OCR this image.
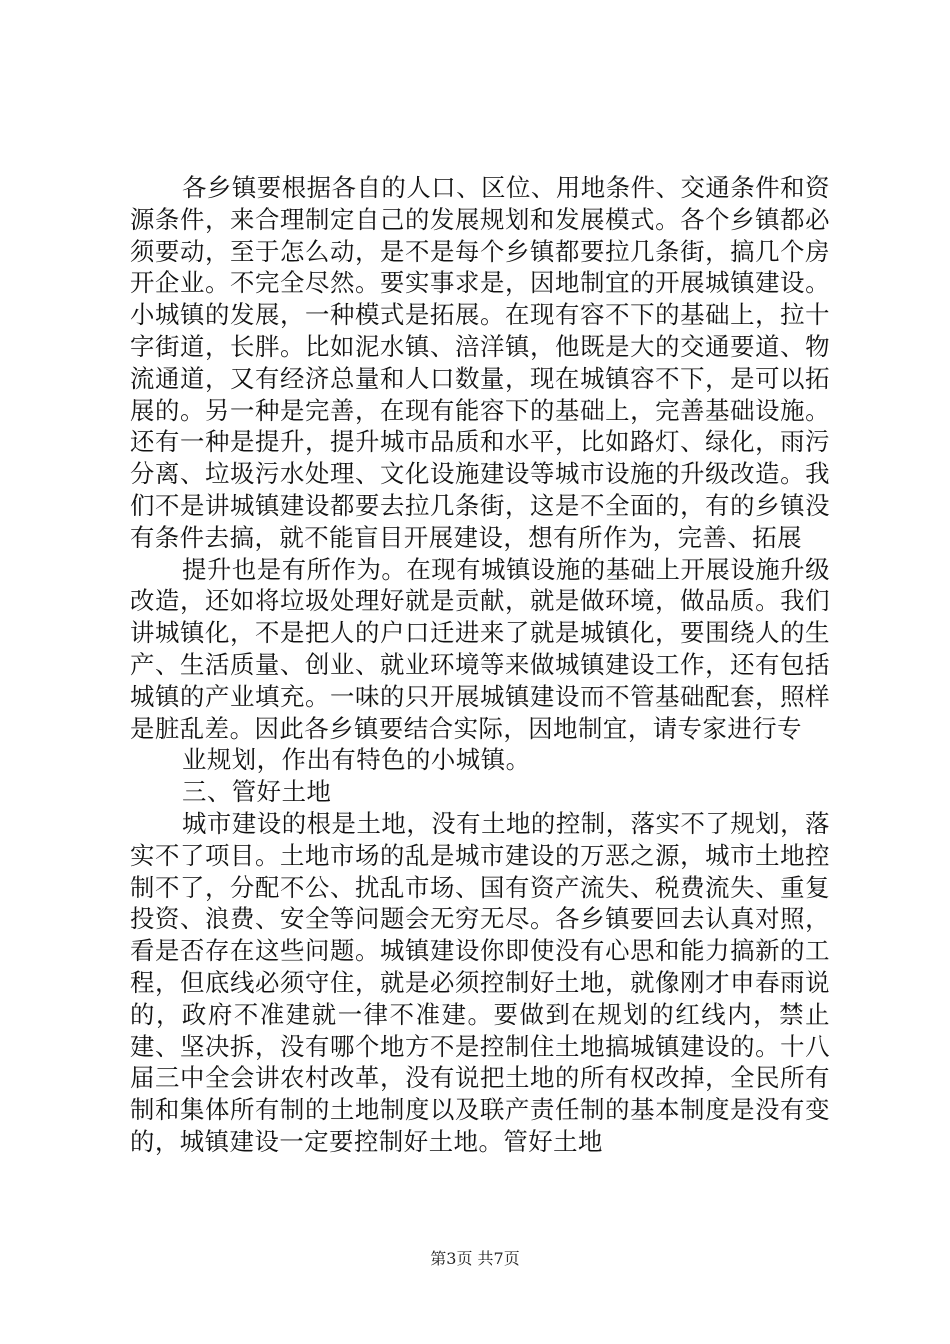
各乡镇要根据各自的人口、区位、用地条件、交通条件和资源条件，来合理制定自己的发展规划和发展模式。各个乡镇都必须要动，至于怎么动，是不是每个乡镇都要拉几条街，搞几个房开企业。不完全尽然。要实事求是，因地制宜的开展城镇建设。小城镇的发展，一种模式是拓展。在现有容不下的基础上，拉十字街道，长胖。比如泥水镇、涪洋镇，他既是大的交通要道、物流通道，又有经济总量和人口数量，现在城镇容不下，是可以拓展的。另一种是完善，在现有能容下的基础上，完善基础设施。还有一种是提升，提升城市品质和水平，比如路灯、绿化，雨污分离、垃圾污水处理、文化设施建设等城市设施的升级改造。我们不是讲城镇建设都要去拉几条街，这是不全面的，有的乡镇没有条件去搞，就不能盲目开展建设，想有所作为，完善、拓展

提升也是有所作为。在现有城镇设施的基础上开展设施升级改造，还如将垃圾处理好就是贡献，就是做环境，做品质。我们讲城镇化，不是把人的户口迁进来了就是城镇化，要围绕人的生产、生活质量、创业、就业环境等来做城镇建设工作，还有包括城镇的产业填充。一味的只开展城镇建设而不管基础配套，照样是脏乱差。因此各乡镇要结合实际，因地制宜，请专家进行专

业规划，作出有特色的小城镇。

三、管好土地

城市建设的根是土地，没有土地的控制，落实不了规划，落实不了项目。土地市场的乱是城市建设的万恶之源，城市土地控制不了，分配不公、扰乱市场、国有资产流失、税费流失、重复投资、浪费、安全等问题会无穷无尽。各乡镇要回去认真对照，看是否存在这些问题。城镇建设你即使没有心思和能力搞新的工程，但底线必须守住，就是必须控制好土地，就像刚才申春雨说的，政府不准建就一律不准建。要做到在规划的红线内，禁止建、坚决拆，没有哪个地方不是控制住土地搞城镇建设的。十八届三中全会讲农村改革，没有说把土地的所有权改掉，全民所有制和集体所有制的土地制度以及联产责任制的基本制度是没有变的，城镇建设一定要控制好土地。管好土地

第3页 共7页
